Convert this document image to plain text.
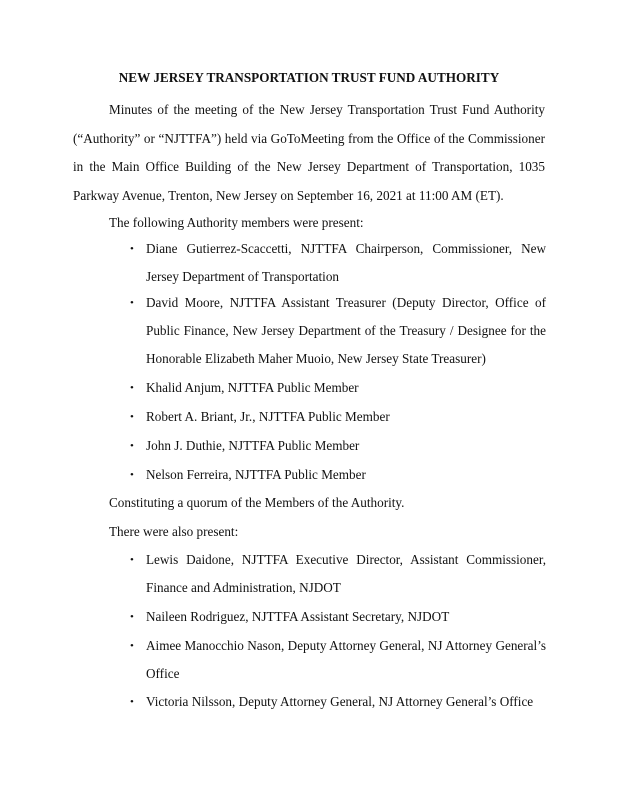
NEW JERSEY TRANSPORTATION TRUST FUND AUTHORITY

Minutes of the meeting of the New Jersey Transportation Trust Fund Authority (“Authority” or “NJTTFA”) held via GoToMeeting from the Office of the Commissioner in the Main Office Building of the New Jersey Department of Transportation, 1035 Parkway Avenue, Trenton, New Jersey on September 16, 2021 at 11:00 AM (ET).

The following Authority members were present:

• Diane Gutierrez-Scaccetti, NJTTFA Chairperson, Commissioner, New Jersey Department of Transportation
• David Moore, NJTTFA Assistant Treasurer (Deputy Director, Office of Public Finance, New Jersey Department of the Treasury / Designee for the Honorable Elizabeth Maher Muoio, New Jersey State Treasurer)
• Khalid Anjum, NJTTFA Public Member
• Robert A. Briant, Jr., NJTTFA Public Member
• John J. Duthie, NJTTFA Public Member
• Nelson Ferreira, NJTTFA Public Member

Constituting a quorum of the Members of the Authority.

There were also present:

• Lewis Daidone, NJTTFA Executive Director, Assistant Commissioner, Finance and Administration, NJDOT
• Naileen Rodriguez, NJTTFA Assistant Secretary, NJDOT
• Aimee Manocchio Nason, Deputy Attorney General, NJ Attorney General’s Office
• Victoria Nilsson, Deputy Attorney General, NJ Attorney General’s Office
